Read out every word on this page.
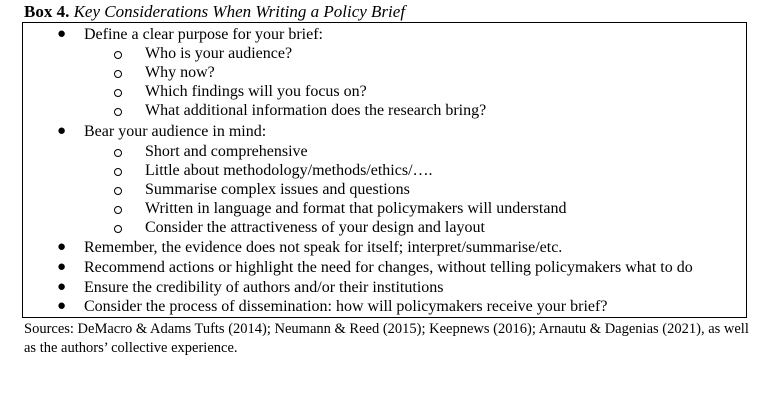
Box 4. Key Considerations When Writing a Policy Brief
● Define a clear purpose for your brief:
Who is your audience?
Why now?
Which findings will you focus on?
What additional information does the research bring?
● Bear your audience in mind:
Short and comprehensive
Little about methodology/methods/ethics/….
Summarise complex issues and questions
Written in language and format that policymakers will understand
Consider the attractiveness of your design and layout
● Remember, the evidence does not speak for itself; interpret/summarise/etc.
● Recommend actions or highlight the need for changes, without telling policymakers what to do
● Ensure the credibility of authors and/or their institutions
● Consider the process of dissemination: how will policymakers receive your brief?
Sources: DeMacro & Adams Tufts (2014); Neumann & Reed (2015); Keepnews (2016); Arnautu & Dagenias (2021), as well as the authors’ collective experience.
